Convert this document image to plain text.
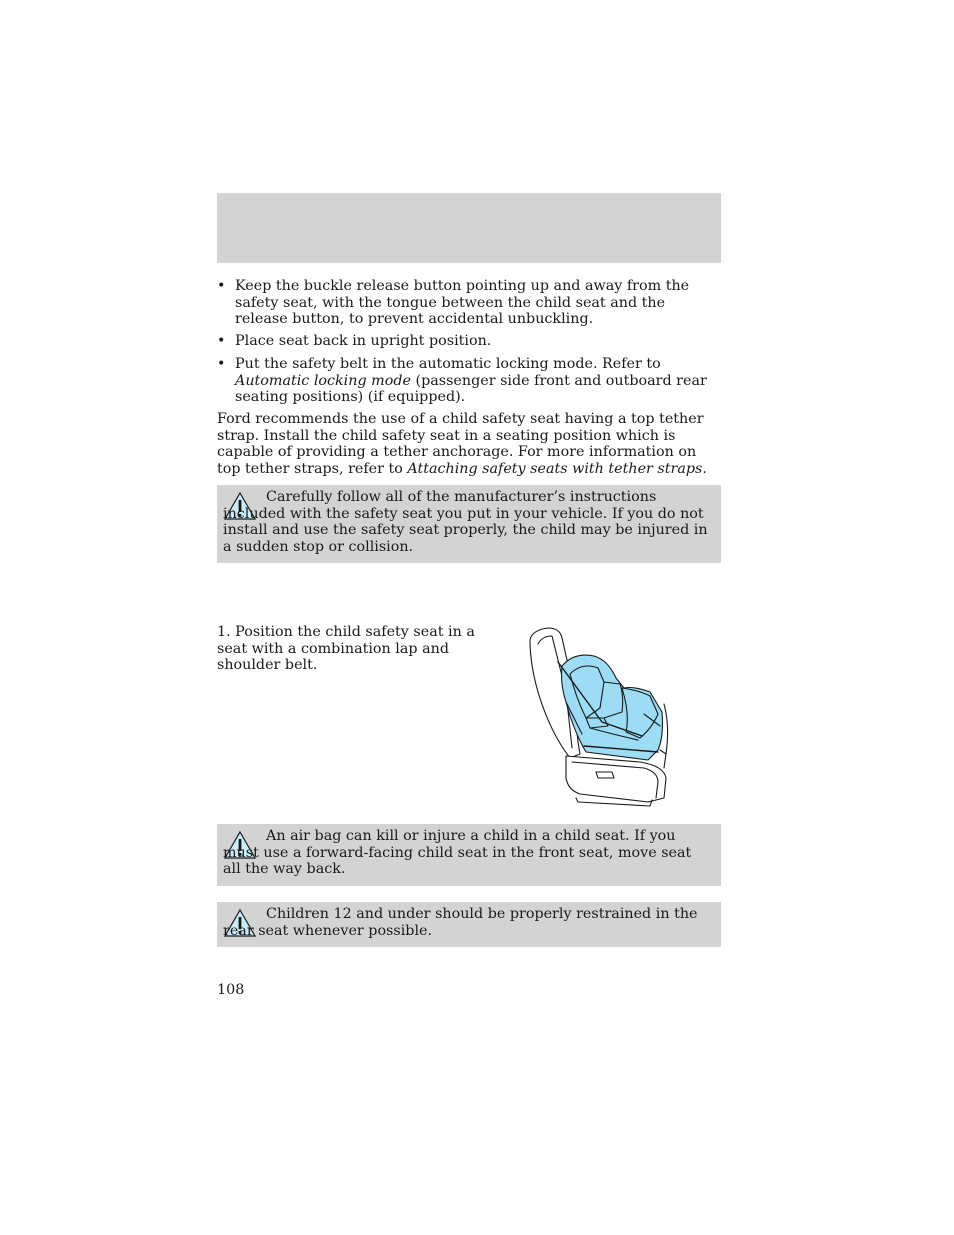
• Keep the buckle release button pointing up and away from the safety seat, with the tongue between the child seat and the release button, to prevent accidental unbuckling.
• Place seat back in upright position.
• Put the safety belt in the automatic locking mode. Refer to Automatic locking mode (passenger side front and outboard rear seating positions) (if equipped).
Ford recommends the use of a child safety seat having a top tether strap. Install the child safety seat in a seating position which is capable of providing a tether anchorage. For more information on top tether straps, refer to Attaching safety seats with tether straps.
Carefully follow all of the manufacturer’s instructions included with the safety seat you put in your vehicle. If you do not install and use the safety seat properly, the child may be injured in a sudden stop or collision.
1. Position the child safety seat in a seat with a combination lap and shoulder belt.
An air bag can kill or injure a child in a child seat. If you must use a forward-facing child seat in the front seat, move seat all the way back.
Children 12 and under should be properly restrained in the rear seat whenever possible.
108
